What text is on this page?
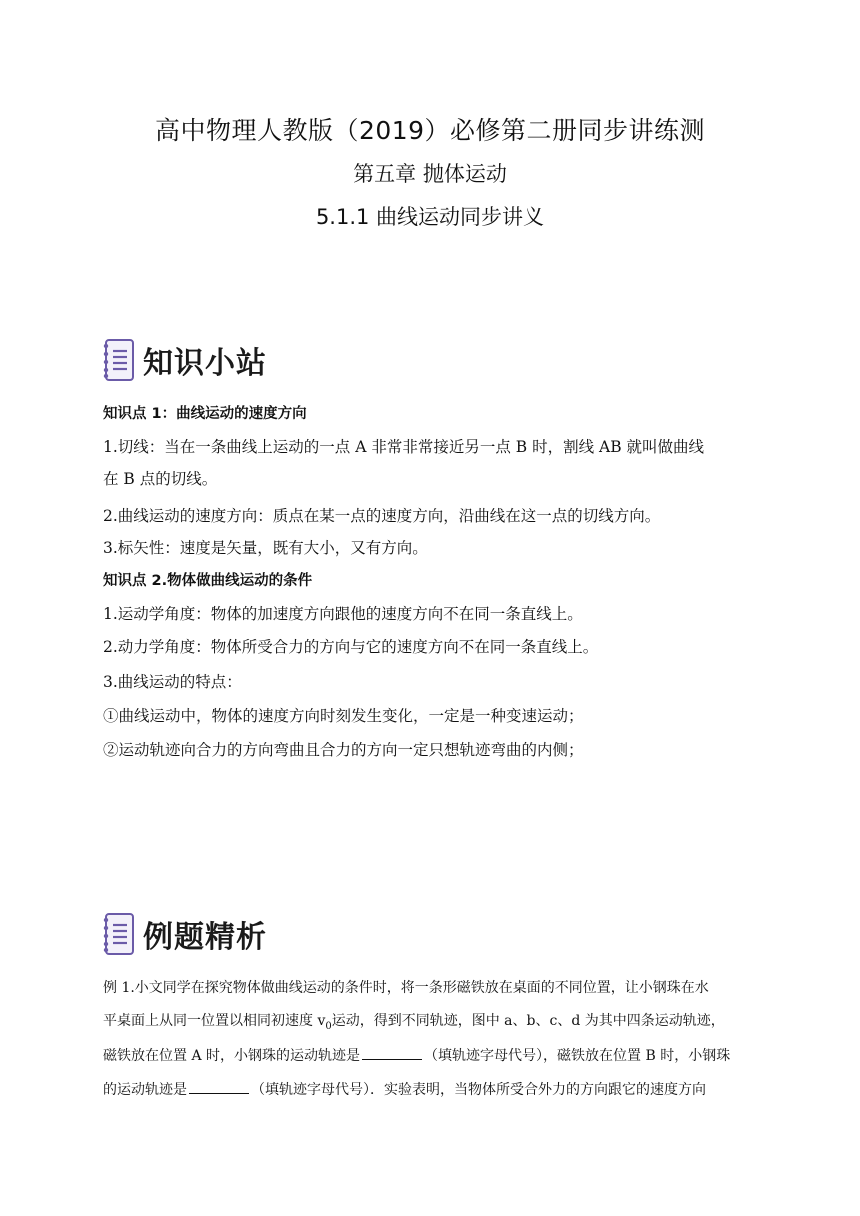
高中物理人教版（2019）必修第二册同步讲练测
第五章 抛体运动
5.1.1 曲线运动同步讲义
知识小站
知识点 1：曲线运动的速度方向
1.切线：当在一条曲线上运动的一点 A 非常非常接近另一点 B 时，割线 AB 就叫做曲线
在 B 点的切线。
2.曲线运动的速度方向：质点在某一点的速度方向，沿曲线在这一点的切线方向。
3.标矢性：速度是矢量，既有大小，又有方向。
知识点 2.物体做曲线运动的条件
1.运动学角度：物体的加速度方向跟他的速度方向不在同一条直线上。
2.动力学角度：物体所受合力的方向与它的速度方向不在同一条直线上。
3.曲线运动的特点：
①曲线运动中，物体的速度方向时刻发生变化，一定是一种变速运动；
②运动轨迹向合力的方向弯曲且合力的方向一定只想轨迹弯曲的内侧；
例题精析
例 1.小文同学在探究物体做曲线运动的条件时，将一条形磁铁放在桌面的不同位置，让小钢珠在水
平桌面上从同一位置以相同初速度 $v_0$运动，得到不同轨迹，图中 a、b、c、d 为其中四条运动轨迹，
磁铁放在位置 A 时，小钢珠的运动轨迹是	（填轨迹字母代号），磁铁放在位置 B 时，小钢珠
的运动轨迹是	（填轨迹字母代号）．实验表明，当物体所受合外力的方向跟它的速度方向
